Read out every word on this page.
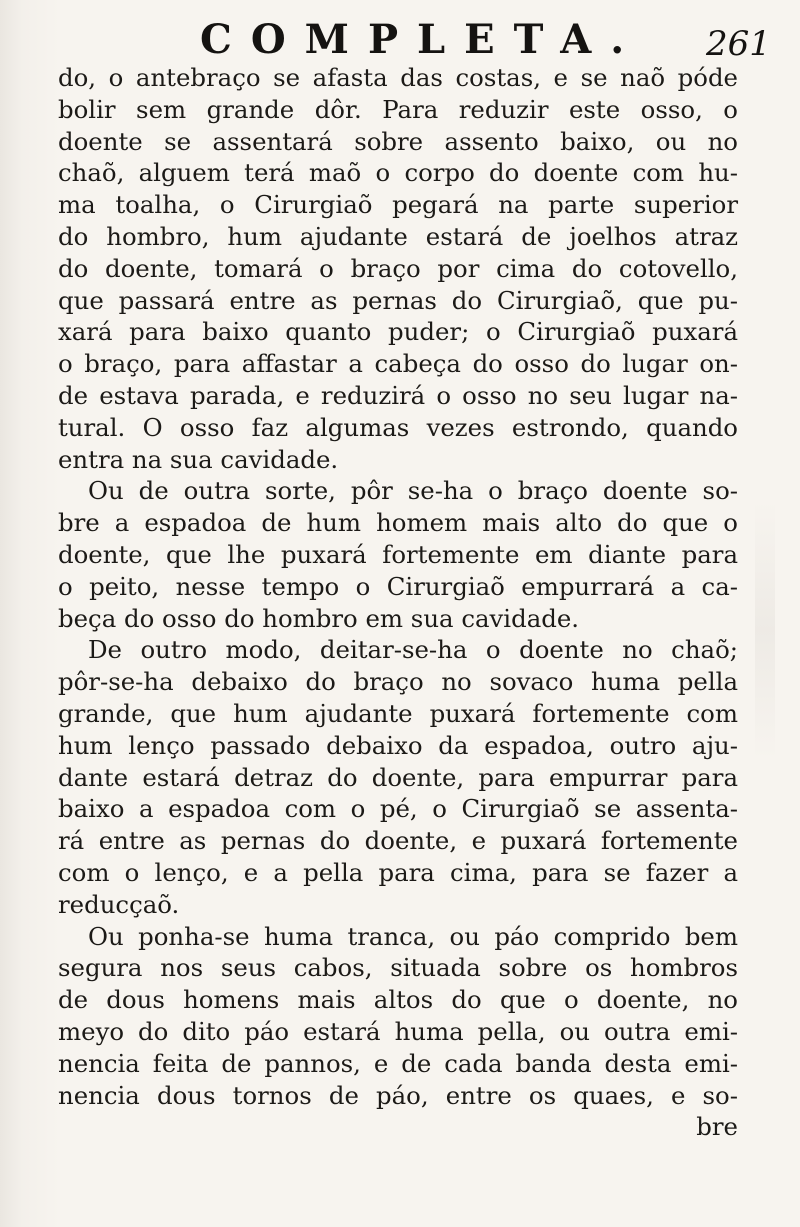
COMPLETA. 261
do, o antebraço se afasta das costas, e se naõ póde
bolir sem grande dôr. Para reduzir este osso, o
doente se assentará sobre assento baixo, ou no
chaõ, alguem terá maõ o corpo do doente com hu-
ma toalha, o Cirurgiaõ pegará na parte superior
do hombro, hum ajudante estará de joelhos atraz
do doente, tomará o braço por cima do cotovello,
que passará entre as pernas do Cirurgiaõ, que pu-
xará para baixo quanto puder; o Cirurgiaõ puxará
o braço, para affastar a cabeça do osso do lugar on-
de estava parada, e reduzirá o osso no seu lugar na-
tural. O osso faz algumas vezes estrondo, quando
entra na sua cavidade.
Ou de outra sorte, pôr se-ha o braço doente so-
bre a espadoa de hum homem mais alto do que o
doente, que lhe puxará fortemente em diante para
o peito, nesse tempo o Cirurgiaõ empurrará a ca-
beça do osso do hombro em sua cavidade.
De outro modo, deitar-se-ha o doente no chaõ;
pôr-se-ha debaixo do braço no sovaco huma pella
grande, que hum ajudante puxará fortemente com
hum lenço passado debaixo da espadoa, outro aju-
dante estará detraz do doente, para empurrar para
baixo a espadoa com o pé, o Cirurgiaõ se assenta-
rá entre as pernas do doente, e puxará fortemente
com o lenço, e a pella para cima, para se fazer a
reducçaõ.
Ou ponha-se huma tranca, ou páo comprido bem
segura nos seus cabos, situada sobre os hombros
de dous homens mais altos do que o doente, no
meyo do dito páo estará huma pella, ou outra emi-
nencia feita de pannos, e de cada banda desta emi-
nencia dous tornos de páo, entre os quaes, e so-
bre
